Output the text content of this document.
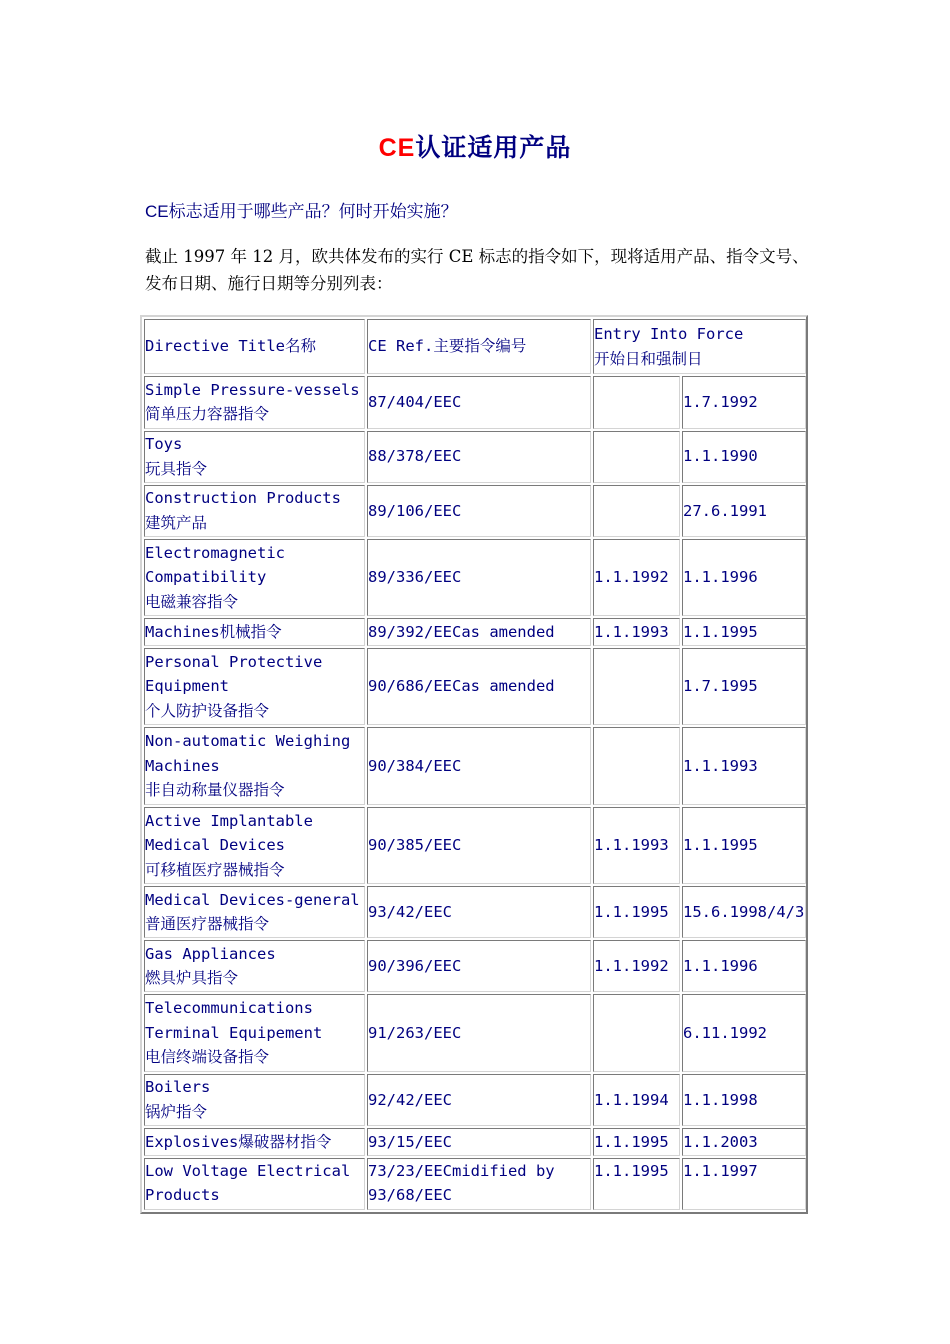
CE认证适用产品
CE标志适用于哪些产品？何时开始实施？
截止 1997 年 12 月，欧共体发布的实行 CE 标志的指令如下，现将适用产品、指令文号、发布日期、施行日期等分别列表：
Directive Title名称	CE Ref.主要指令编号	Entry Into Force
开始日和强制日	

Simple Pressure-vessels
简单压力容器指令	87/404/EEC		1.7.1992

Toys
玩具指令	88/378/EEC		1.1.1990

Construction Products
建筑产品	89/106/EEC		27.6.1991

Electromagnetic
Compatibility
电磁兼容指令	89/336/EEC	1.1.1992	1.1.1996

Machines机械指令	89/392/EECas amended	1.1.1993	1.1.1995

Personal Protective
Equipment
个人防护设备指令	90/686/EECas amended		1.7.1995

Non-automatic Weighing
Machines
非自动称量仪器指令	90/384/EEC		1.1.1993

Active Implantable
Medical Devices
可移植医疗器械指令	90/385/EEC	1.1.1993	1.1.1995

Medical Devices-general
普通医疗器械指令	93/42/EEC	1.1.1995	15.6.1998/4/3

Gas Appliances
燃具炉具指令	90/396/EEC	1.1.1992	1.1.1996

Telecommunications
Terminal Equipement
电信终端设备指令	91/263/EEC		6.11.1992

Boilers
锅炉指令	92/42/EEC	1.1.1994	1.1.1998

Explosives爆破器材指令	93/15/EEC	1.1.1995	1.1.2003

Low Voltage Electrical
Products	73/23/EECmidified by
93/68/EEC	1.1.1995	1.1.1997
